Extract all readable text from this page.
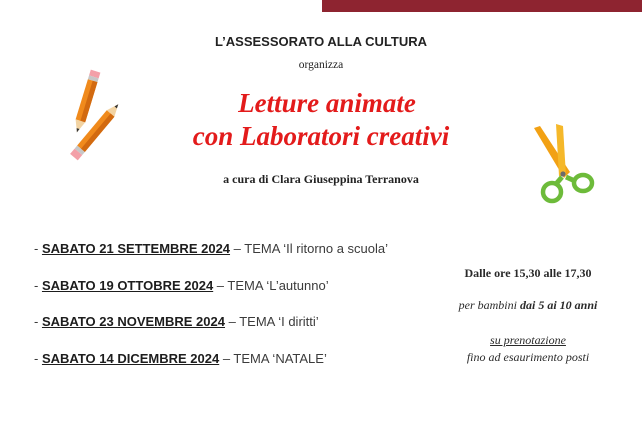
L’ASSESSORATO ALLA CULTURA
organizza
Letture animate
con Laboratori creativi
a cura di Clara Giuseppina Terranova
- SABATO 21 SETTEMBRE 2024 – TEMA ‘Il ritorno a scuola’
- SABATO 19 OTTOBRE 2024 – TEMA ‘L’autunno’
- SABATO 23 NOVEMBRE 2024 – TEMA ‘I diritti’
- SABATO 14 DICEMBRE 2024 – TEMA ‘NATALE’
Dalle ore 15,30 alle 17,30
per bambini dai 5 ai 10 anni
su prenotazione
fino ad esaurimento posti
